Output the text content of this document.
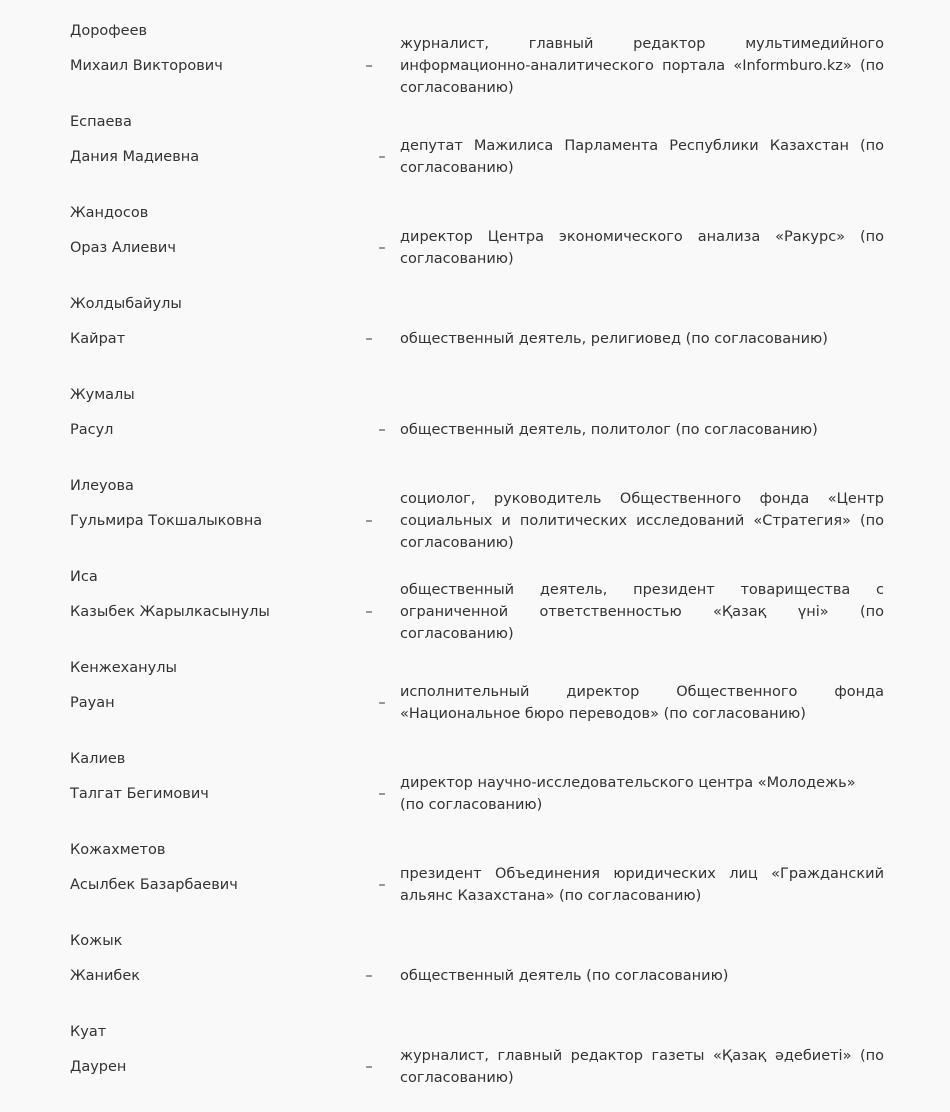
Дорофеев
Михаил Викторович	–
журналист, главный редактор мультимедийного информационно-аналитического портала «Informburo.kz» (по согласованию)
Еспаева
Дания Мадиевна	–
депутат Мажилиса Парламента Республики Казахстан (по согласованию)
Жандосов
Ораз Алиевич	–
директор Центра экономического анализа «Ракурс» (по согласованию)
Жолдыбайулы
Кайрат	– общественный деятель, религиовед (по согласованию)
Жумалы
Расул	– общественный деятель, политолог (по согласованию)
Илеуова
Гульмира Токшалыковна	–
социолог, руководитель Общественного фонда «Центр социальных и политических исследований «Стратегия» (по согласованию)
Иса
Казыбек Жарылкасынулы	–
общественный деятель, президент товарищества с ограниченной ответственностью «Қазақ үні» (по согласованию)
Кенжеханулы
Рауан	–
исполнительный директор Общественного фонда «Национальное бюро переводов» (по согласованию)
Калиев
Талгат Бегимович	–
директор научно-исследовательского центра «Молодежь» (по согласованию)
Кожахметов
Асылбек Базарбаевич	–
президент Объединения юридических лиц «Гражданский альянс Казахстана» (по согласованию)
Кожык
Жанибек	– общественный деятель (по согласованию)
Куат
Даурен	–
журналист, главный редактор газеты «Қазақ әдебиеті» (по согласованию)
